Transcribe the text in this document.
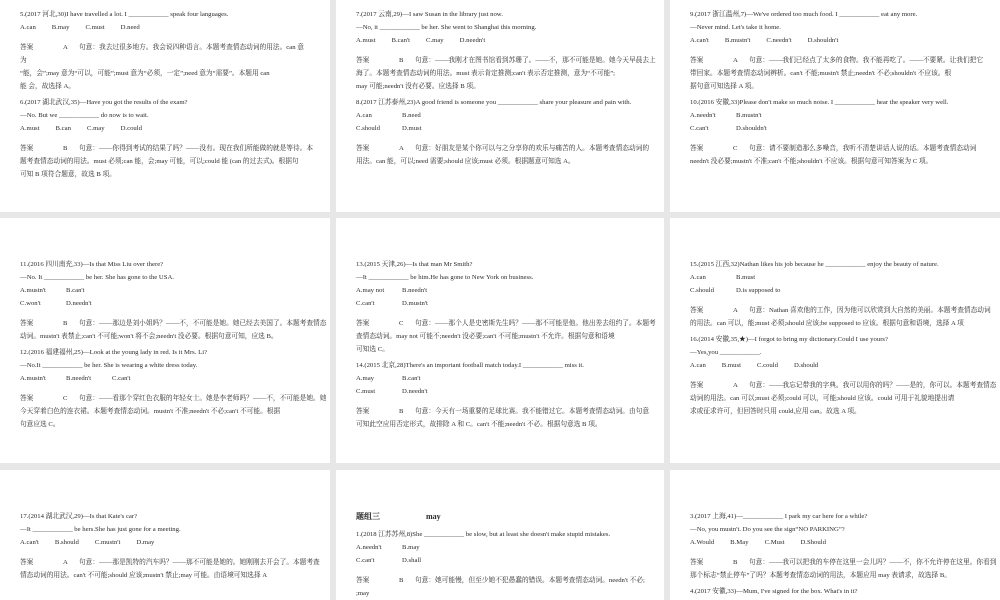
5.(2017 河北,30)I have travelled a lot. I ____________ speak four languages.
A.can B.may C.must D.need
答案	A	句意：我去过很多地方。我会说四种语言。本题考查情态动词的用法。can 意
为
“能，会”;may 意为“可以，可能”;must 意为“必须，一定”;need 意为“需要”。本题用 can
能 会，故选择 A。
6.(2017 湖北武汉,35)—Have you got the results of the exam?
—No. But we ____________ do now is to wait.
A.must B.can C.may D.could
答案	B	句意：——你得到考试的结果了吗？——没有。现在我们所能做的就是等待。本
题考查情态动词的用法。must 必须;can 能，会;may 可能，可以;could 能 (can 的过去式)。根据句
可知 B 项符合题意，故选 B 项。
7.(2017 云南,29)—I saw Susan in the library just now.
—No, it ____________ be her. She went to Shanghai this morning.
A.must B.can't C.may D.needn't
答案	B	句意：——我刚才在图书馆看到苏珊了。——不，那不可能是她。她今天早晨去上
海了。本题考查情态动词的用法。must 表示肯定推测;can't 表示否定推测，意为“不可能”;
may 可能;needn't 没有必要。应选择 B 项。
8.(2017 江苏泰州,23)A good friend is someone you ____________ share your pleasure and pain with.
A.can	B.need
C.should	D.must
答案	A	句意：好朋友是某个你可以与之分享你的欢乐与痛苦的人。本题考查情态动词的
用法。can 能，可以;need 需要;should 应该;must 必须。根据题意可知选 A。
9.(2017 浙江温州,7)—We've ordered too much food. I ____________ eat any more.
—Never mind. Let's take it home.
A.can't B.mustn't C.needn't D.shouldn't
答案	A	句意：——我们已经点了太多的食物。我不能再吃了。——不要紧。让我们把它
带回家。本题考查情态动词辨析。can't 不能;mustn't 禁止;needn't 不必;shouldn't 不应该。根
据句意可知选择 A 项。
10.(2016 安徽,33)Please don't make so much noise. I ____________ hear the speaker very well.
A.needn't	B.mustn't
C.can't	D.shouldn't
答案	C	句意：请不要制造那么多噪音，我听不清楚讲话人说的话。本题考查情态动词
needn't 没必要;mustn't 不准;can't 不能;shouldn't 不应该。根据句意可知答案为 C 项。
11.(2016 四川南充,33)—Is that Miss Liu over there?
—No. It ____________ be her. She has gone to the USA.
A.mustn't	B.can't
C.won't	D.needn't
答案	B	句意：——那边是刘小姐吗？——不，不可能是她。她已经去美国了。本题考查情态
动词。mustn't 表禁止;can't 不可能;won't 将不会;needn't 没必要。根据句意可知，应选 B。
12.(2016 福建福州,25)—Look at the young lady in red. Is it Mrs. Li?
—No.It ____________ be her. She is wearing a white dress today.
A.mustn't	B.needn't	C.can't
答案	C	句意：——看那个穿红色衣服的年轻女士。她是李老师吗？——不，不可能是她。她
今天穿着白色的连衣裙。本题考查情态动词。mustn't 不准;needn't 不必;can't 不可能。根据
句意应选 C。
13.(2015 天津,26)—Is that man Mr Smith?
—It ____________ be him.He has gone to New York on business.
A.may not	B.needn't
C.can't	D.mustn't
答案	C	句意：——那个人是史密斯先生吗？——那不可能是他。他出差去纽约了。本题考
查情态动词。may not 可能不;needn't 没必要;can't 不可能;mustn't 不允许。根据句意和语境
可知选 C。
14.(2015 北京,28)There's an important football match today.I ____________ miss it.
A.may	B.can't
C.must	D.needn't
答案	B	句意：今天有一场重要的足球比赛。我不能错过它。本题考查情态动词。由句意
可知此空应用否定形式，故排除 A 和 C。can't 不能;needn't 不必。根据句意选 B 项。
15.(2015 江西,32)Nathan likes his job because he ____________ enjoy the beauty of nature.
A.can	B.must
C.should	D.is supposed to
答案	A	句意：Nathan 喜欢他的工作，因为他可以欣赏到大自然的美丽。本题考查情态动词
的用法。can 可以，能;must 必须;should 应该;be supposed to 应该。根据句意和语境，选择 A 项
16.(2014 安徽,35,★)—I forgot to bring my dictionary.Could I use yours?
—Yes,you ____________.
A.can B.must C.could D.should
答案	A	句意：——我忘记带我的字典。我可以用你的吗？——是的，你可以。本题考查情态
动词的用法。can 可以;must 必须;could 可以，可能;should 应该。could 可用于礼貌地提出请
求或征求许可，但回答时只用 could,应用 can。故选 A 项。
17.(2014 湖北武汉,29)—Is that Kate's car?
—It ____________ be hers.She has just gone for a meeting.
A.can't B.should C.mustn't D.may
答案	A	句意：——那是凯特的汽车吗？——那不可能是她的。她刚刚去开会了。本题考查
情态动词的用法。can't 不可能;should 应该;mustn't 禁止;may 可能。由语境可知选择 A
题组三	may
1.(2018 江苏苏州,8)She ____________ be slow, but at least she doesn't make stupid mistakes.
A.needn't	B.may
C.can't	D.shall
答案	B	句意：她可能慢，但至少她不犯愚蠢的错误。本题考查情态动词。needn't 不必;
;may
3.(2017 上海,41)—____________ I park my car here for a while?
—No, you mustn't. Do you see the sign“NO PARKING”?
A.Would B.May C.Must D.Should
答案	B	句意：——我可以把我的车停在这里一会儿吗？——不，你不允许停在这里。你看到
那个标志“禁止停车”了吗？本题考查情态动词的用法，本题应用 may 表请求，故选择 B。
4.(2017 安徽,33)—Mum, I've signed for the box. What's in it?
